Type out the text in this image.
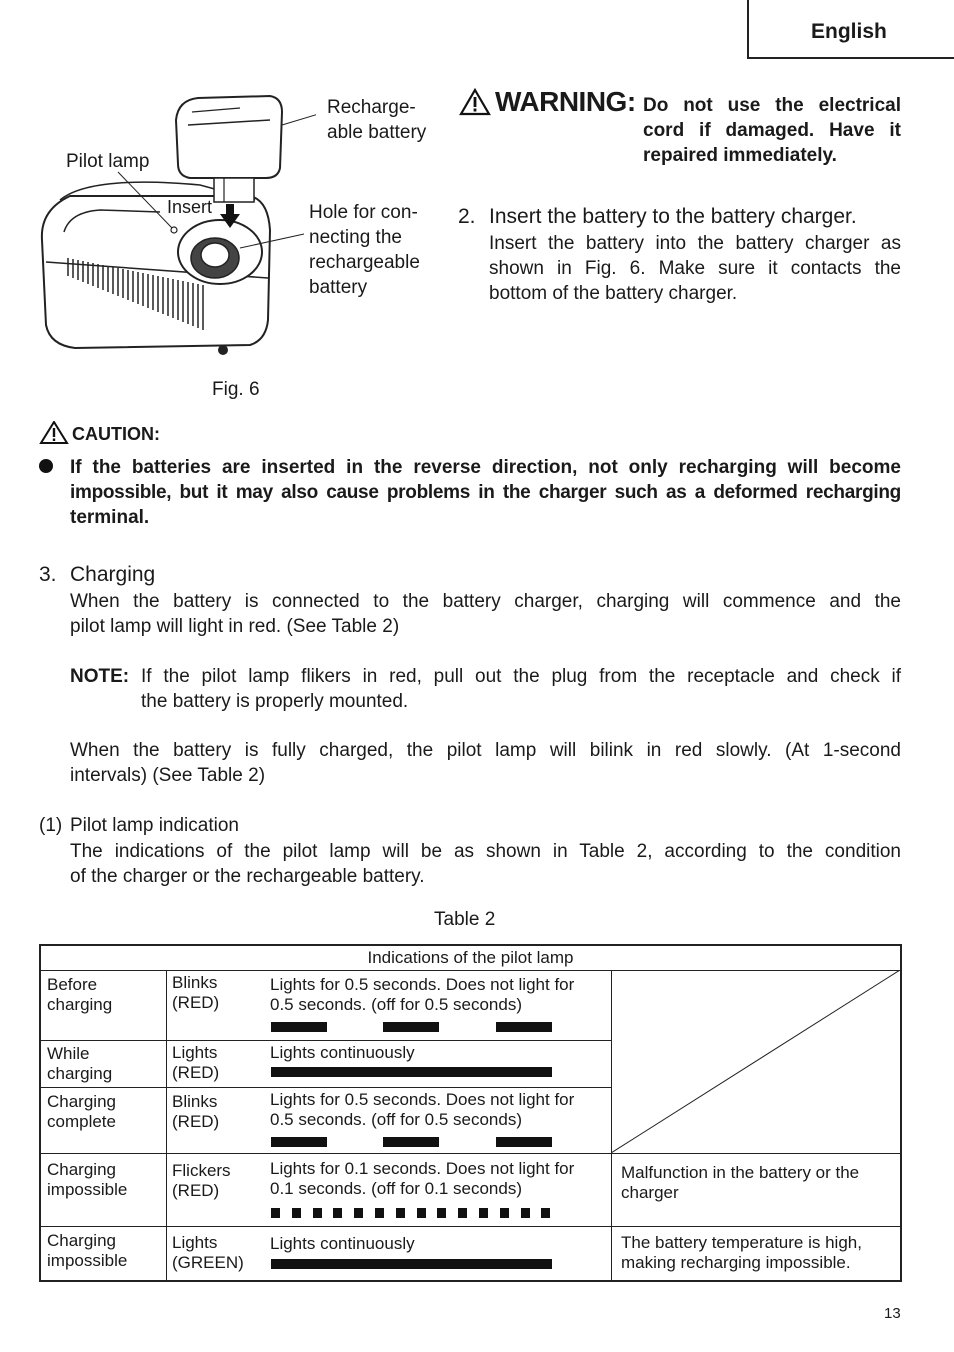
English
Recharge-
able battery
Pilot lamp
Insert	Hole for con-
necting the
rechargeable
battery
Fig. 6
WARNING: Do not use the electrical
cord if damaged. Have it
repaired immediately.
2. Insert the battery to the battery charger.
Insert the battery into the battery charger as
shown in Fig. 6. Make sure it contacts the
bottom of the battery charger.
CAUTION:
If the batteries are inserted in the reverse direction, not only recharging will become
impossible, but it may also cause problems in the charger such as a deformed recharging
terminal.
3. Charging
When the battery is connected to the battery charger, charging will commence and the
pilot lamp will light in red. (See Table 2)
NOTE: If the pilot lamp flikers in red, pull out the plug from the receptacle and check if
the battery is properly mounted.
When the battery is fully charged, the pilot lamp will bilink in red slowly. (At 1-second
intervals) (See Table 2)
(1) Pilot lamp indication
The indications of the pilot lamp will be as shown in Table 2, according to the condition
of the charger or the rechargeable battery.
Table 2
Indications of the pilot lamp
Before
charging
Blinks
(RED)
Lights for 0.5 seconds. Does not light for
0.5 seconds. (off for 0.5 seconds)
While
charging
Lights
(RED)
Lights continuously
Charging
complete
Blinks
(RED)
Lights for 0.5 seconds. Does not light for
0.5 seconds. (off for 0.5 seconds)
Charging
impossible
Flickers
(RED)
Lights for 0.1 seconds. Does not light for
0.1 seconds. (off for 0.1 seconds)
Malfunction in the battery or the
charger
Charging
impossible
Lights
(GREEN)
Lights continuously	The battery temperature is high,
making recharging impossible.
13
